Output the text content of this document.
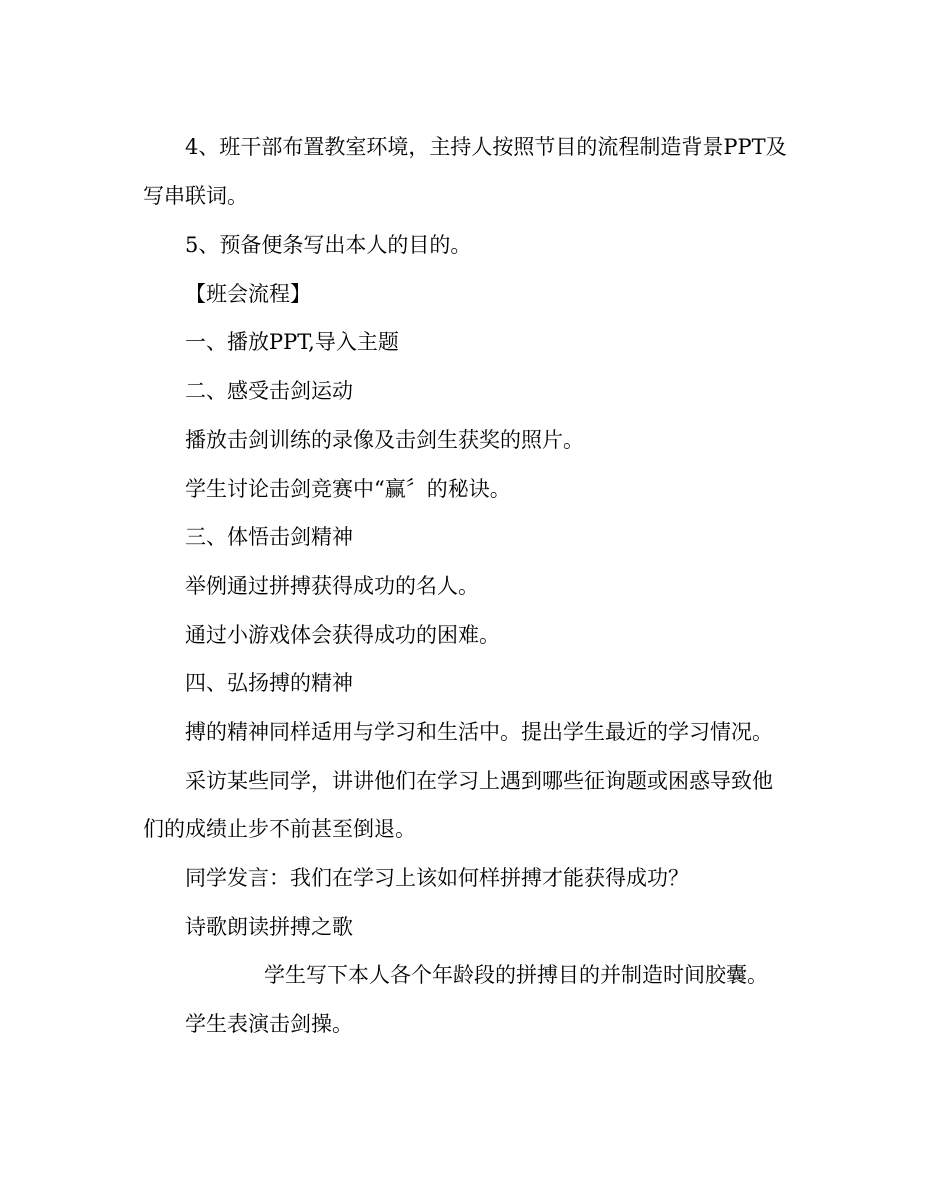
4、班干部布置教室环境，主持人按照节目的流程制造背景PPT及
写串联词。
5、预备便条写出本人的目的。
【班会流程】
一、播放PPT,导入主题
二、感受击剑运动
播放击剑训练的录像及击剑生获奖的照片。
学生讨论击剑竞赛中“赢〞的秘诀。
三、体悟击剑精神
举例通过拼搏获得成功的名人。
通过小游戏体会获得成功的困难。
四、弘扬搏的精神
搏的精神同样适用与学习和生活中。提出学生最近的学习情况。
采访某些同学，讲讲他们在学习上遇到哪些征询题或困惑导致他
们的成绩止步不前甚至倒退。
同学发言：我们在学习上该如何样拼搏才能获得成功？
诗歌朗读拼搏之歌
学生写下本人各个年龄段的拼搏目的并制造时间胶囊。
学生表演击剑操。
